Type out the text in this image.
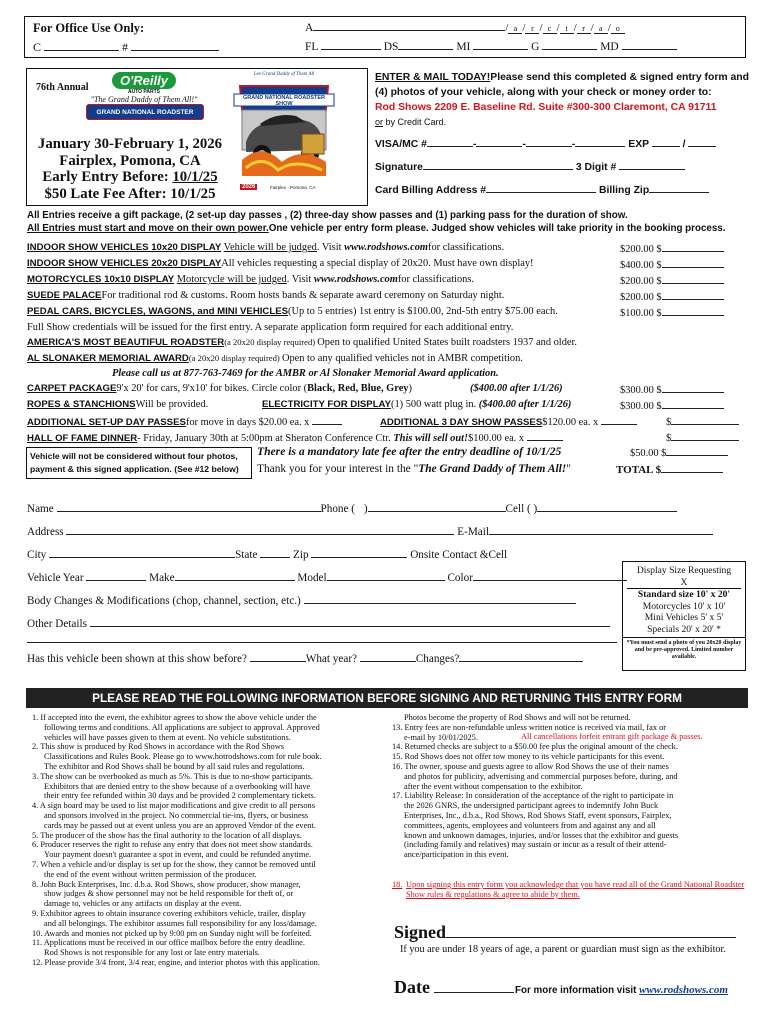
For Office Use Only:
C	#
A	/ a / r / c / t / r / a / o
FL	DS	MI	G	MD
76th Annual	O'Reilly
AUTO PARTS
"The Grand Daddy of Them All!"
GRAND NATIONAL ROADSTER SHOW
Lee Grand Daddy of Them All
GRAND NATIONAL ROADSTER SHOW
2026	Fairplex · Pomona, CA
January 30-February 1, 2026
Fairplex, Pomona, CA
Early Entry Before: 10/1/25
$50 Late Fee After: 10/1/25
ENTER & MAIL TODAY!Please send this completed & signed entry form and (4) photos of your vehicle, along with your check or money order to:
Rod Shows 2209 E. Baseline Rd. Suite #300-300 Claremont, CA 91711
or by Credit Card.
VISA/MC #	-	-	-	EXP	/
Signature	3 Digit #
Card Billing Address #	Billing Zip
All Entries receive a gift package, (2 set-up day passes , (2) three-day show passes and (1) parking pass for the duration of show.
All Entries must start and move on their own power.One vehicle per entry form please. Judged show vehicles will take priority in the booking process.
INDOOR SHOW VEHICLES 10x20 DISPLAY Vehicle will be judged. Visit www.rodshows.comfor classifications.	$200.00 $
INDOOR SHOW VEHICLES 20x20 DISPLAYAll vehicles requesting a special display of 20x20. Must have own display!	$400.00 $
MOTORCYCLES 10x10 DISPLAY Motorcycle will be judged. Visit www.rodshows.comfor classifications.	$200.00 $
SUEDE PALACEFor traditional rod & customs. Room hosts bands & separate award ceremony on Saturday night.	$200.00 $
PEDAL CARS, BICYCLES, WAGONS, and MINI VEHICLES(Up to 5 entries) 1st entry is $100.00, 2nd-5th entry $75.00 each.	$100.00 $
Full Show credentials will be issued for the first entry. A separate application form required for each additional entry.
AMERICA'S MOST BEAUTIFUL ROADSTER(a 20x20 display required) Open to qualified United States built roadsters 1937 and older.
AL SLONAKER MEMORIAL AWARD(a 20x20 display required) Open to any qualified vehicles not in AMBR competition.
Please call us at 877-763-7469 for the AMBR or Al Slonaker Memorial Award application.
CARPET PACKAGE9'x 20' for cars, 9'x10' for bikes. Circle color (Black, Red, Blue, Grey)	($400.00 after 1/1/26)	$300.00 $
ROPES & STANCHIONSWill be provided.	ELECTRICITY FOR DISPLAY(1) 500 watt plug in. ($400.00 after 1/1/26)	$300.00 $
ADDITIONAL SET-UP DAY PASSESfor move in days $20.00 ea. x	ADDITIONAL 3 DAY SHOW PASSES$120.00 ea. x	$
HALL OF FAME DINNER- Friday, January 30th at 5:00pm at Sheraton Conference Ctr. This will sell out!$100.00 ea. x	$
Vehicle will not be considered without four photos, payment & this signed application. (See #12 below)
There is a mandatory late fee after the entry deadline of 10/1/25	$50.00 $
Thank you for your interest in the "The Grand Daddy of Them All!"	TOTAL $
Name	Phone ( )	Cell ( )
Address	E-Mail
City	State	Zip	Onsite Contact &Cell
Vehicle Year	Make	Model	Color
Body Changes & Modifications (chop, channel, section, etc.)
Other Details
Has this vehicle been shown at this show before?	What year?	Changes?
Display Size Requesting
X
Standard size 10' x 20'
Motorcycles 10' x 10'
Mini Vehicles 5' x 5'
Specials 20' x 20' *
*You must send a photo of you 20x20 display and be pre-approved. Limited number available.
PLEASE READ THE FOLLOWING INFORMATION BEFORE SIGNING AND RETURNING THIS ENTRY FORM

1. If accepted into the event, the exhibitor agrees to show the above vehicle under the

following terms and conditions. All applications are subject to approval. Approved

vehicles will have passes given to them at event. No vehicle substitutions.

2. This show is produced by Rod Shows in accordance with the Rod Shows

Classifications and Rules Book. Please go to www.hotrodshows.com for rule book.

The exhibitor and Rod Shows shall be bound by all said rules and regulations.

3. The show can be overbooked as much as 5%. This is due to no-show participants.

Exhibitors that are denied entry to the show because of a overbooking will have

their entry fee refunded within 30 days and be provided 2 complementary tickets.

4. A sign board may be used to list major modifications and give credit to all persons

and sponsors involved in the project. No commercial tie-ins, flyers, or business

cards may be passed out at event unless you are an approved Vendor of the event.

5. The producer of the show has the final authority to the location of all displays.

6. Producer reserves the right to refuse any entry that does not meet show standards.

Your payment doesn't guarantee a spot in event, and could be refunded anytime.

7. When a vehicle and/or display is set up for the show, they cannot be removed until

the end of the event without written permission of the producer.

8. John Buck Enterprises, Inc. d.b.a. Rod Shows, show producer, show manager,

show judges & show personnel may not be held responsible for theft of, or

damage to, vehicles or any artifacts on display at the event.

9. Exhibitor agrees to obtain insurance covering exhibitors vehicle, trailer, display

and all belongings. The exhibitor assumes full responsibility for any loss/damage.

10. Awards and monies not picked up by 9:00 pm on Sunday night will be forfeited.

11. Applications must be received in our office mailbox before the entry deadline.

Rod Shows is not responsible for any lost or late entry materials.

12. Please provide 3/4 front, 3/4 rear, engine, and interior photos with this application.

Photos become the property of Rod Shows and will not be returned.

13. Entry fees are non-refundable unless written notice is received via mail, fax or

e-mail by 10/01/2025.

14. Returned checks are subject to a $50.00 fee plus the original amount of the check.

15. Rod Shows does not offer tow money to its vehicle participants for this event.

16. The owner, spouse and guests agree to allow Rod Shows the use of their names

and photos for publicity, advertising and commercial purposes before, during, and

after the event without compensation to the exhibitor.

17. Liability Release: In consideration of the acceptance of the right to participate in

the 2026 GNRS, the undersigned participant agrees to indemnify John Buck

Enterprises, Inc., d.b.a., Rod Shows, Rod Shows Staff, event sponsors, Fairplex,

committees, agents, employees and volunteers from and against any and all

known and unknown damages, injuries, and/or losses that the exhibitor and guests

(including family and relatives) may sustain or incur as a result of their attend-

ance/participation in this event.

All cancellations forfeit entrant gift package & passes.
18. Upon signing this entry form you acknowledge that you have read all of the Grand National Roadster Show rules & regulations & agree to abide by them.
Signed
If you are under 18 years of age, a parent or guardian must sign as the exhibitor.
Date	For more information visit www.rodshows.com
